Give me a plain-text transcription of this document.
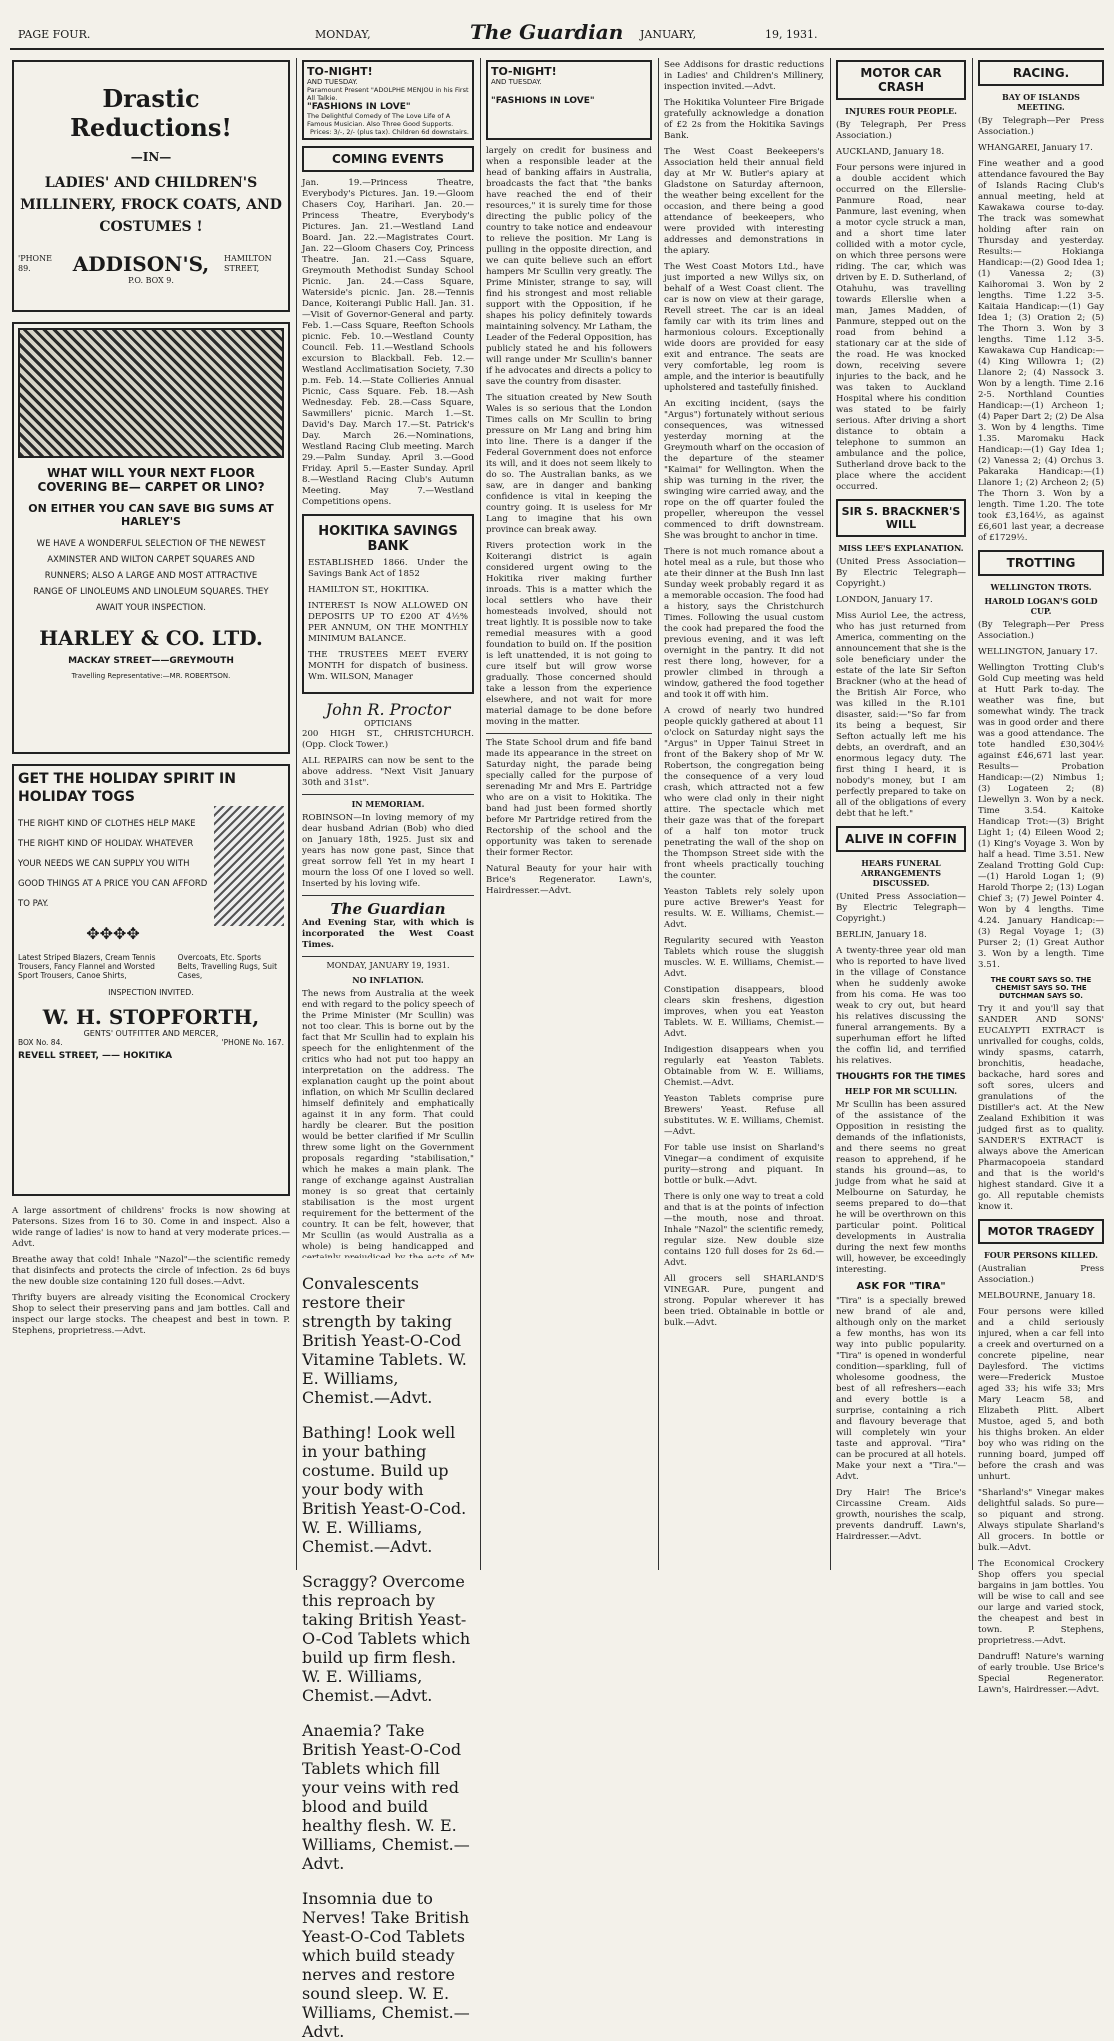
PAGE FOUR.	MONDAY,	The Guardian JANUARY,	19, 1931.
Drastic Reductions!
—IN—
LADIES' AND CHILDREN'S MILLINERY, FROCK COATS, AND COSTUMES !
'PHONE 89.	ADDISON'S, HAMILTON STREET,
P.O. BOX 9.
WHAT WILL YOUR NEXT FLOOR COVERING BE— CARPET OR LINO?
ON EITHER YOU CAN SAVE BIG SUMS AT HARLEY'S
WE HAVE A WONDERFUL SELECTION OF THE NEWEST AXMINSTER AND WILTON CARPET SQUARES AND RUNNERS; ALSO A LARGE AND MOST ATTRACTIVE RANGE OF LINOLEUMS AND LINOLEUM SQUARES. THEY AWAIT YOUR INSPECTION.
HARLEY & CO. LTD.
MACKAY STREET——GREYMOUTH
Travelling Representative:—MR. ROBERTSON.
GET THE HOLIDAY SPIRIT IN HOLIDAY TOGS
THE RIGHT KIND OF CLOTHES HELP MAKE THE RIGHT KIND OF HOLIDAY. WHATEVER YOUR NEEDS WE CAN SUPPLY YOU WITH GOOD THINGS AT A PRICE YOU CAN AFFORD TO PAY.
✥✥✥✥
Latest Striped Blazers, Cream Tennis Trousers, Fancy Flannel and Worsted Sport Trousers, Canoe Shirts,
Overcoats, Etc. Sports Belts, Travelling Rugs, Suit Cases,
INSPECTION INVITED.
W. H. STOPFORTH,
GENTS' OUTFITTER AND MERCER,
BOX No. 84.	'PHONE No. 167.
REVELL STREET, —— HOKITIKA

A large assortment of childrens' frocks is now showing at Patersons. Sizes from 16 to 30. Come in and inspect. Also a wide range of ladies' is now to hand at very moderate prices.—Advt.

Breathe away that cold! Inhale "Nazol"—the scientific remedy that disinfects and protects the circle of infection. 2s 6d buys the new double size containing 120 full doses.—Advt.

Thrifty buyers are already visiting the Economical Crockery Shop to select their preserving pans and jam bottles. Call and inspect our large stocks. The cheapest and best in town. P. Stephens, proprietress.—Advt.

TO-NIGHT!
AND TUESDAY.
Paramount Present "ADOLPHE MENJOU in his First All Talkie.
"FASHIONS IN LOVE"
The Delightful Comedy of The Love Life of A Famous Musician. Also Three Good Supports.
Prices: 3/-, 2/- (plus tax). Children 6d downstairs.
COMING EVENTS

Jan. 19.—Princess Theatre, Everybody's Pictures. Jan. 19.—Gloom Chasers Coy, Harihari. Jan. 20.—Princess Theatre, Everybody's Pictures. Jan. 21.—Westland Land Board. Jan. 22.—Magistrates Court. Jan. 22—Gloom Chasers Coy, Princess Theatre. Jan. 21.—Cass Square, Greymouth Methodist Sunday School Picnic. Jan. 24.—Cass Square, Waterside's picnic. Jan. 28.—Tennis Dance, Koiterangi Public Hall. Jan. 31.—Visit of Governor-General and party. Feb. 1.—Cass Square, Reefton Schools picnic. Feb. 10.—Westland County Council. Feb. 11.—Westland Schools excursion to Blackball. Feb. 12.—Westland Acclimatisation Society, 7.30 p.m. Feb. 14.—State Collieries Annual Picnic, Cass Square. Feb. 18.—Ash Wednesday. Feb. 28.—Cass Square, Sawmillers' picnic. March 1.—St. David's Day. March 17.—St. Patrick's Day. March 26.—Nominations, Westland Racing Club meeting. March 29.—Palm Sunday. April 3.—Good Friday. April 5.—Easter Sunday. April 8.—Westland Racing Club's Autumn Meeting. May 7.—Westland Competitions opens.

HOKITIKA SAVINGS BANK

ESTABLISHED 1866. Under the Savings Bank Act of 1852

HAMILTON ST., HOKITIKA.

INTEREST Is NOW ALLOWED ON DEPOSITS UP TO £200 AT 4½% PER ANNUM, ON THE MONTHLY MINIMUM BALANCE.

THE TRUSTEES MEET EVERY MONTH for dispatch of business. Wm. WILSON, Manager

John R. Proctor
OPTICIANS

200 HIGH ST., CHRISTCHURCH. (Opp. Clock Tower.)

ALL REPAIRS can now be sent to the above address. "Next Visit January 30th and 31st".

IN MEMORIAM.

ROBINSON—In loving memory of my dear husband Adrian (Bob) who died on January 18th, 1925. Just six and years has now gone past, Since that great sorrow fell Yet in my heart I mourn the loss Of one I loved so well. Inserted by his loving wife.

The Guardian

And Evening Star, with which is incorporated the West Coast Times.

MONDAY, JANUARY 19, 1931.
NO INFLATION.

The news from Australia at the week end with regard to the policy speech of the Prime Minister (Mr Scullin) was not too clear. This is borne out by the fact that Mr Scullin had to explain his speech for the enlightenment of the critics who had not put too happy an interpretation on the address. The explanation caught up the point about inflation, on which Mr Scullin declared himself definitely and emphatically against it in any form. That could hardly be clearer. But the position would be better clarified if Mr Scullin threw some light on the Government proposals regarding "stabilisation," which he makes a main plank. The range of exchange against Australian money is so great that certainly stabilisation is the most urgent requirement for the betterment of the country. It can be felt, however, that Mr Scullin (as would Australia as a whole) is being handicapped and

TO-NIGHT!
AND TUESDAY.
"FASHIONS IN LOVE"

largely on credit for business and when a responsible leader at the head of banking affairs in Australia, broadcasts the fact that "the banks have reached the end of their resources," it is surely time for those directing the public policy of the country to take notice and endeavour to relieve the position. Mr Lang is pulling in the opposite direction, and we can quite believe such an effort hampers Mr Scullin very greatly. The Prime Minister, strange to say, will find his strongest and most reliable support with the Opposition, if he shapes his policy definitely towards maintaining solvency. Mr Latham, the Leader of the Federal Opposition, has publicly stated he and his followers will range under Mr Scullin's banner if he advocates and directs a policy to save the country from disaster.

The situation created by New South Wales is so serious that the London Times calls on Mr Scullin to bring pressure on Mr Lang and bring him into line. There is a danger if the Federal Government does not enforce its will, and it does not seem likely to do so. The Australian banks, as we saw, are in danger and banking confidence is vital in keeping the country going. It is useless for Mr Lang to imagine that his own province can break away.

Rivers protection work in the Koiterangi district is again considered urgent owing to the Hokitika river making further inroads. This is a matter which the local settlers who have their homesteads involved, should not treat lightly. It is possible now to take remedial measures with a good foundation to build on. If the position is left unattended, it is not going to cure itself but will grow worse gradually. Those concerned should take a lesson from the experience elsewhere, and not wait for more material damage to be done before moving in the matter.

The State School drum and fife band made its appearance in the street on Saturday night, the parade being specially called for the purpose of serenading Mr and Mrs E. Partridge who are on a visit to Hokitika. The band had just been formed shortly before Mr Partridge retired from the Rectorship of the school and the opportunity was taken to serenade their former Rector.

Natural Beauty for your hair with Brice's Regenerator. Lawn's, Hairdresser.—Advt.

Convalescents restore their strength by taking British Yeast-O-Cod Vitamine Tablets. W. E. Williams, Chemist.—Advt.

Bathing! Look well in your bathing costume. Build up your body with British Yeast-O-Cod. W. E. Williams, Chemist.—Advt.

Scraggy? Overcome this reproach by taking British Yeast-O-Cod Tablets which build up firm flesh. W. E. Williams, Chemist.—Advt.

Anaemia? Take British Yeast-O-Cod Tablets which fill your veins with red blood and build healthy flesh. W. E. Williams, Chemist.—Advt.

Insomnia due to Nerves! Take British Yeast-O-Cod Tablets which build steady nerves and restore sound sleep. W. E. Williams, Chemist.—Advt.

See Addisons for drastic reductions in Ladies' and Children's Millinery, inspection invited.—Advt.

The Hokitika Volunteer Fire Brigade gratefully acknowledge a donation of £2 2s from the Hokitika Savings Bank.

The West Coast Beekeepers's Association held their annual field day at Mr W. Butler's apiary at Gladstone on Saturday afternoon, the weather being excellent for the occasion, and there being a good attendance of beekeepers, who were provided with interesting addresses and demonstrations in the apiary.

The West Coast Motors Ltd., have just imported a new Willys six, on behalf of a West Coast client. The car is now on view at their garage, Revell street. The car is an ideal family car with its trim lines and harmonious colours. Exceptionally wide doors are provided for easy exit and entrance. The seats are very comfortable, leg room is ample, and the interior is beautifully upholstered and tastefully finished.

An exciting incident, (says the "Argus") fortunately without serious consequences, was witnessed yesterday morning at the Greymouth wharf on the occasion of the departure of the steamer "Kaimai" for Wellington. When the ship was turning in the river, the swinging wire carried away, and the rope on the off quarter fouled the propeller, whereupon the vessel commenced to drift downstream. She was brought to anchor in time.

There is not much romance about a hotel meal as a rule, but those who ate their dinner at the Bush Inn last Sunday week probably regard it as a memorable occasion. The food had a history, says the Christchurch Times. Following the usual custom the cook had prepared the food the previous evening, and it was left overnight in the pantry. It did not rest there long, however, for a prowler climbed in through a window, gathered the food together and took it off with him.

A crowd of nearly two hundred people quickly gathered at about 11 o'clock on Saturday night says the "Argus" in Upper Tainui Street in front of the Bakery shop of Mr W. Robertson, the congregation being the consequence of a very loud crash, which attracted not a few who were clad only in their night attire. The spectacle which met their gaze was that of the forepart of a half ton motor truck penetrating the wall of the shop on the Thompson Street side with the front wheels practically touching the counter.

Yeaston Tablets rely solely upon pure active Brewer's Yeast for results. W. E. Williams, Chemist.—Advt.

Regularity secured with Yeaston Tablets which rouse the sluggish muscles. W. E. Williams, Chemist.—Advt.

Constipation disappears, blood clears skin freshens, digestion improves, when you eat Yeaston Tablets. W. E. Williams, Chemist.—Advt.

Indigestion disappears when you regularly eat Yeaston Tablets. Obtainable from W. E. Williams, Chemist.—Advt.

Yeaston Tablets comprise pure Brewers' Yeast. Refuse all substitutes. W. E. Williams, Chemist.—Advt.

For table use insist on Sharland's Vinegar—a condiment of exquisite purity—strong and piquant. In bottle or bulk.—Advt.

There is only one way to treat a cold and that is at the points of infection—the mouth, nose and throat. Inhale "Nazol" the scientific remedy, regular size. New double size contains 120 full doses for 2s 6d.—Advt.

All grocers sell SHARLAND'S VINEGAR. Pure, pungent and strong. Popular wherever it has been tried. Obtainable in bottle or bulk.—Advt.

MOTOR CAR CRASH
INJURES FOUR PEOPLE.

(By Telegraph, Per Press Association.)

AUCKLAND, January 18.

Four persons were injured in a double accident which occurred on the Ellerslie-Panmure Road, near Panmure, last evening, when a motor cycle struck a man, and a short time later collided with a motor cycle, on which three persons were riding. The car, which was driven by E. D. Sutherland, of Otahuhu, was travelling towards Ellerslie when a man, James Madden, of Panmure, stepped out on the road from behind a stationary car at the side of the road. He was knocked down, receiving severe injuries to the back, and he was taken to Auckland Hospital where his condition was stated to be fairly serious. After driving a short distance to obtain a telephone to summon an ambulance and the police, Sutherland drove back to the place where the accident occurred.

SIR S. BRACKNER'S WILL
MISS LEE'S EXPLANATION.

(United Press Association—By Electric Telegraph—Copyright.)

LONDON, January 17.

Miss Auriol Lee, the actress, who has just returned from America, commenting on the announcement that she is the sole beneficiary under the estate of the late Sir Sefton Brackner (who at the head of the British Air Force, who was killed in the R.101 disaster, said:—"So far from its being a bequest, Sir Sefton actually left me his debts, an overdraft, and an enormous legacy duty. The first thing I heard, it is nobody's money, but I am perfectly prepared to take on all of the obligations of every debt that he left."

ALIVE IN COFFIN
HEARS FUNERAL ARRANGEMENTS DISCUSSED.

(United Press Association—By Electric Telegraph—Copyright.)

BERLIN, January 18.

A twenty-three year old man who is reported to have lived in the village of Constance when he suddenly awoke from his coma. He was too weak to cry out, but heard his relatives discussing the funeral arrangements. By a superhuman effort he lifted the coffin lid, and terrified his relatives.

THOUGHTS FOR THE TIMES
HELP FOR MR SCULLIN.

Mr Scullin has been assured of the assistance of the Opposition in resisting the demands of the inflationists, and there seems no great reason to apprehend, if he stands his ground—as, to judge from what he said at Melbourne on Saturday, he seems prepared to do—that he will be overthrown on this particular point. Political developments in Australia during the next few months will, however, be exceedingly interesting.

ASK FOR "TIRA"

"Tira" is a specially brewed new brand of ale and, although only on the market a few months, has won its way into public popularity. "Tira" is opened in wonderful condition—sparkling, full of wholesome goodness, the best of all refreshers—each and every bottle is a surprise, containing a rich and flavoury beverage that will completely win your taste and approval. "Tira" can be procured at all hotels. Make your next a "Tira."—Advt.

Dry Hair! The Brice's Circassine Cream. Aids growth, nourishes the scalp, prevents dandruff. Lawn's, Hairdresser.—Advt.

RACING.
BAY OF ISLANDS MEETING.

(By Telegraph—Per Press Association.)

WHANGAREI, January 17.

Fine weather and a good attendance favoured the Bay of Islands Racing Club's annual meeting, held at Kawakawa course to-day. The track was somewhat holding after rain on Thursday and yesterday. Results:— Hokianga Handicap:—(2) Good Idea 1; (1) Vanessa 2; (3) Kaihoromai 3. Won by 2 lengths. Time 1.22 3-5. Kaitaia Handicap:—(1) Gay Idea 1; (3) Oration 2; (5) The Thorn 3. Won by 3 lengths. Time 1.12 3-5. Kawakawa Cup Handicap:—(4) King Willowra 1; (2) Llanore 2; (4) Nassock 3. Won by a length. Time 2.16 2-5. Northland Counties Handicap:—(1) Archeon 1; (4) Paper Dart 2; (2) De Alsa 3. Won by 4 lengths. Time 1.35. Maromaku Hack Handicap:—(1) Gay Idea 1; (2) Vanessa 2; (4) Orchus 3. Pakaraka Handicap:—(1) Llanore 1; (2) Archeon 2; (5) The Thorn 3. Won by a length. Time 1.20. The tote took £3,164½, as against £6,601 last year, a decrease of £1729½.

TROTTING
WELLINGTON TROTS.
HAROLD LOGAN'S GOLD CUP.

(By Telegraph—Per Press Association.)

WELLINGTON, January 17.

Wellington Trotting Club's Gold Cup meeting was held at Hutt Park to-day. The weather was fine, but somewhat windy. The track was in good order and there was a good attendance. The tote handled £30,304½ against £46,671 last year. Results— Probation Handicap:—(2) Nimbus 1; (3) Logateen 2; (8) Llewellyn 3. Won by a neck. Time 3.54. Kaitoke Handicap Trot:—(3) Bright Light 1; (4) Eileen Wood 2; (1) King's Voyage 3. Won by half a head. Time 3.51. New Zealand Trotting Gold Cup:—(1) Harold Logan 1; (9) Harold Thorpe 2; (13) Logan Chief 3; (7) Jewel Pointer 4. Won by 4 lengths. Time 4.24. January Handicap:—(3) Regal Voyage 1; (3) Purser 2; (1) Great Author 3. Won by a length. Time 3.51.

THE COURT SAYS SO. THE CHEMIST SAYS SO. THE DUTCHMAN SAYS SO.

Try it and you'll say that SANDER AND SONS' EUCALYPTI EXTRACT is unrivalled for coughs, colds, windy spasms, catarrh, bronchitis, headache, backache, hard sores and soft sores, ulcers and granulations of the Distiller's act. At the New Zealand Exhibition it was judged first as to quality. SANDER'S EXTRACT is always above the American Pharmacopoeia standard and that is the world's highest standard. Give it a go. All reputable chemists know it.

MOTOR TRAGEDY
FOUR PERSONS KILLED.

(Australian Press Association.)

MELBOURNE, January 18.

Four persons were killed and a child seriously injured, when a car fell into a creek and overturned on a concrete pipeline, near Daylesford. The victims were—Frederick Mustoe aged 33; his wife 33; Mrs Mary Leacm 58, and Elizabeth Plitt. Albert Mustoe, aged 5, and both his thighs broken. An elder boy who was riding on the running board, jumped off before the crash and was unhurt.

"Sharland's" Vinegar makes delightful salads. So pure—so piquant and strong. Always stipulate Sharland's All grocers. In bottle or bulk.—Advt.

The Economical Crockery Shop offers you special bargains in jam bottles. You will be wise to call and see our large and varied stock, the cheapest and best in town. P. Stephens, proprietress.—Advt.

Dandruff! Nature's warning of early trouble. Use Brice's Special Regenerator. Lawn's, Hairdresser.—Advt.
